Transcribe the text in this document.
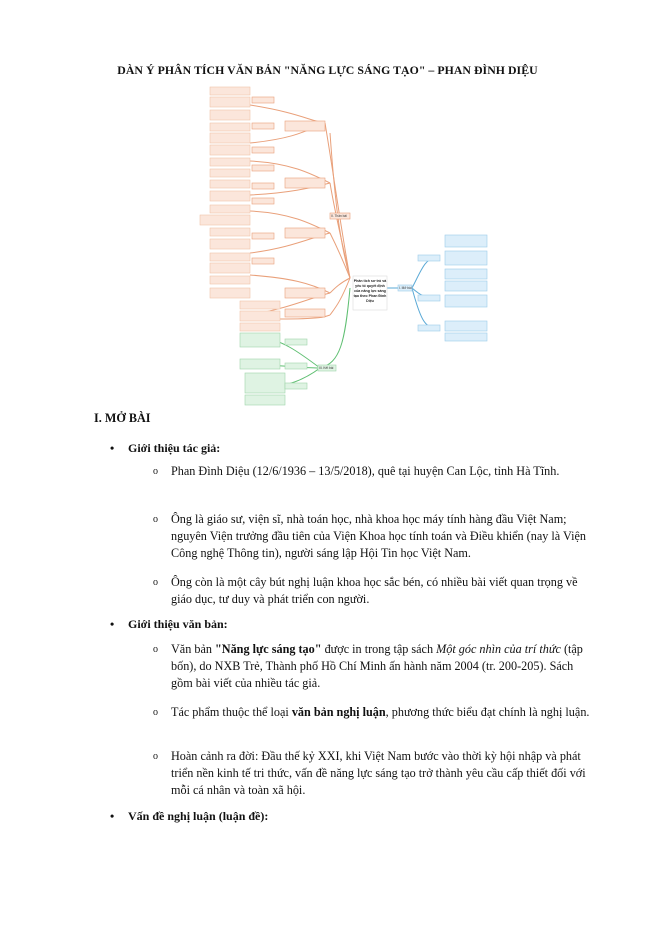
DÀN Ý PHÂN TÍCH VĂN BẢN "NĂNG LỰC SÁNG TẠO" – PHAN ĐÌNH DIỆU
Phân tích sơ trò và
yếu tố quyết định
của năng lực sáng
tạo theo Phan Đình
Diệu
II. Thân bài
I. Mở bài
III. Kết bài
I. MỞ BÀI
• Giới thiệu tác giả:
o Phan Đình Diệu (12/6/1936 – 13/5/2018), quê tại huyện Can Lộc, tỉnh Hà Tĩnh.
o Ông là giáo sư, viện sĩ, nhà toán học, nhà khoa học máy tính hàng đầu Việt Nam; nguyên Viện trưởng đầu tiên của Viện Khoa học tính toán và Điều khiển (nay là Viện Công nghệ Thông tin), người sáng lập Hội Tin học Việt Nam.
o Ông còn là một cây bút nghị luận khoa học sắc bén, có nhiều bài viết quan trọng về giáo dục, tư duy và phát triển con người.
• Giới thiệu văn bản:
o Văn bản "Năng lực sáng tạo" được in trong tập sách Một góc nhìn của trí thức (tập bốn), do NXB Trẻ, Thành phố Hồ Chí Minh ấn hành năm 2004 (tr. 200-205). Sách gồm bài viết của nhiều tác giả.
o Tác phẩm thuộc thể loại văn bản nghị luận, phương thức biểu đạt chính là nghị luận.
o Hoàn cảnh ra đời: Đầu thế kỷ XXI, khi Việt Nam bước vào thời kỳ hội nhập và phát triển nền kinh tế tri thức, vấn đề năng lực sáng tạo trở thành yêu cầu cấp thiết đối với mỗi cá nhân và toàn xã hội.
• Vấn đề nghị luận (luận đề):
